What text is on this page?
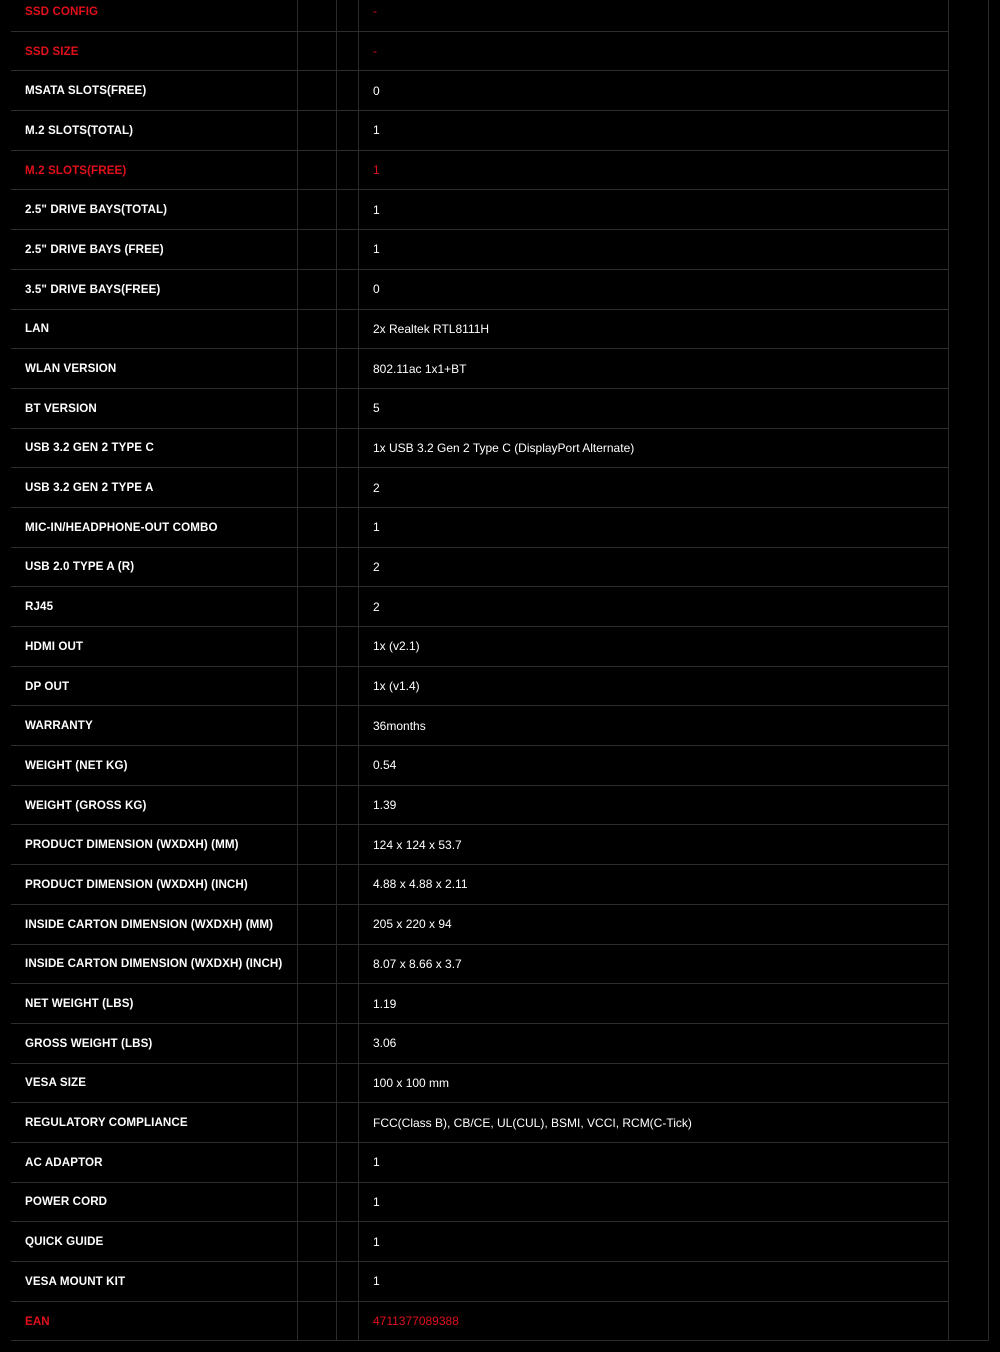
SSD CONFIG	-
SSD SIZE	-
MSATA SLOTS(FREE)	0
M.2 SLOTS(TOTAL)	1
M.2 SLOTS(FREE)	1
2.5" DRIVE BAYS(TOTAL)	1
2.5" DRIVE BAYS (FREE)	1
3.5" DRIVE BAYS(FREE)	0
LAN	2x Realtek RTL8111H
WLAN VERSION	802.11ac 1x1+BT
BT VERSION	5
USB 3.2 GEN 2 TYPE C	1x USB 3.2 Gen 2 Type C (DisplayPort Alternate)
USB 3.2 GEN 2 TYPE A	2
MIC-IN/HEADPHONE-OUT COMBO	1
USB 2.0 TYPE A (R)	2
RJ45	2
HDMI OUT	1x (v2.1)
DP OUT	1x (v1.4)
WARRANTY	36months
WEIGHT (NET KG)	0.54
WEIGHT (GROSS KG)	1.39
PRODUCT DIMENSION (WXDXH) (MM)	124 x 124 x 53.7
PRODUCT DIMENSION (WXDXH) (INCH)	4.88 x 4.88 x 2.11
INSIDE CARTON DIMENSION (WXDXH) (MM)	205 x 220 x 94
INSIDE CARTON DIMENSION (WXDXH) (INCH)	8.07 x 8.66 x 3.7
NET WEIGHT (LBS)	1.19
GROSS WEIGHT (LBS)	3.06
VESA SIZE	100 x 100 mm
REGULATORY COMPLIANCE	FCC(Class B), CB/CE, UL(CUL), BSMI, VCCI, RCM(C-Tick)
AC ADAPTOR	1
POWER CORD	1
QUICK GUIDE	1
VESA MOUNT KIT	1
EAN	4711377089388
